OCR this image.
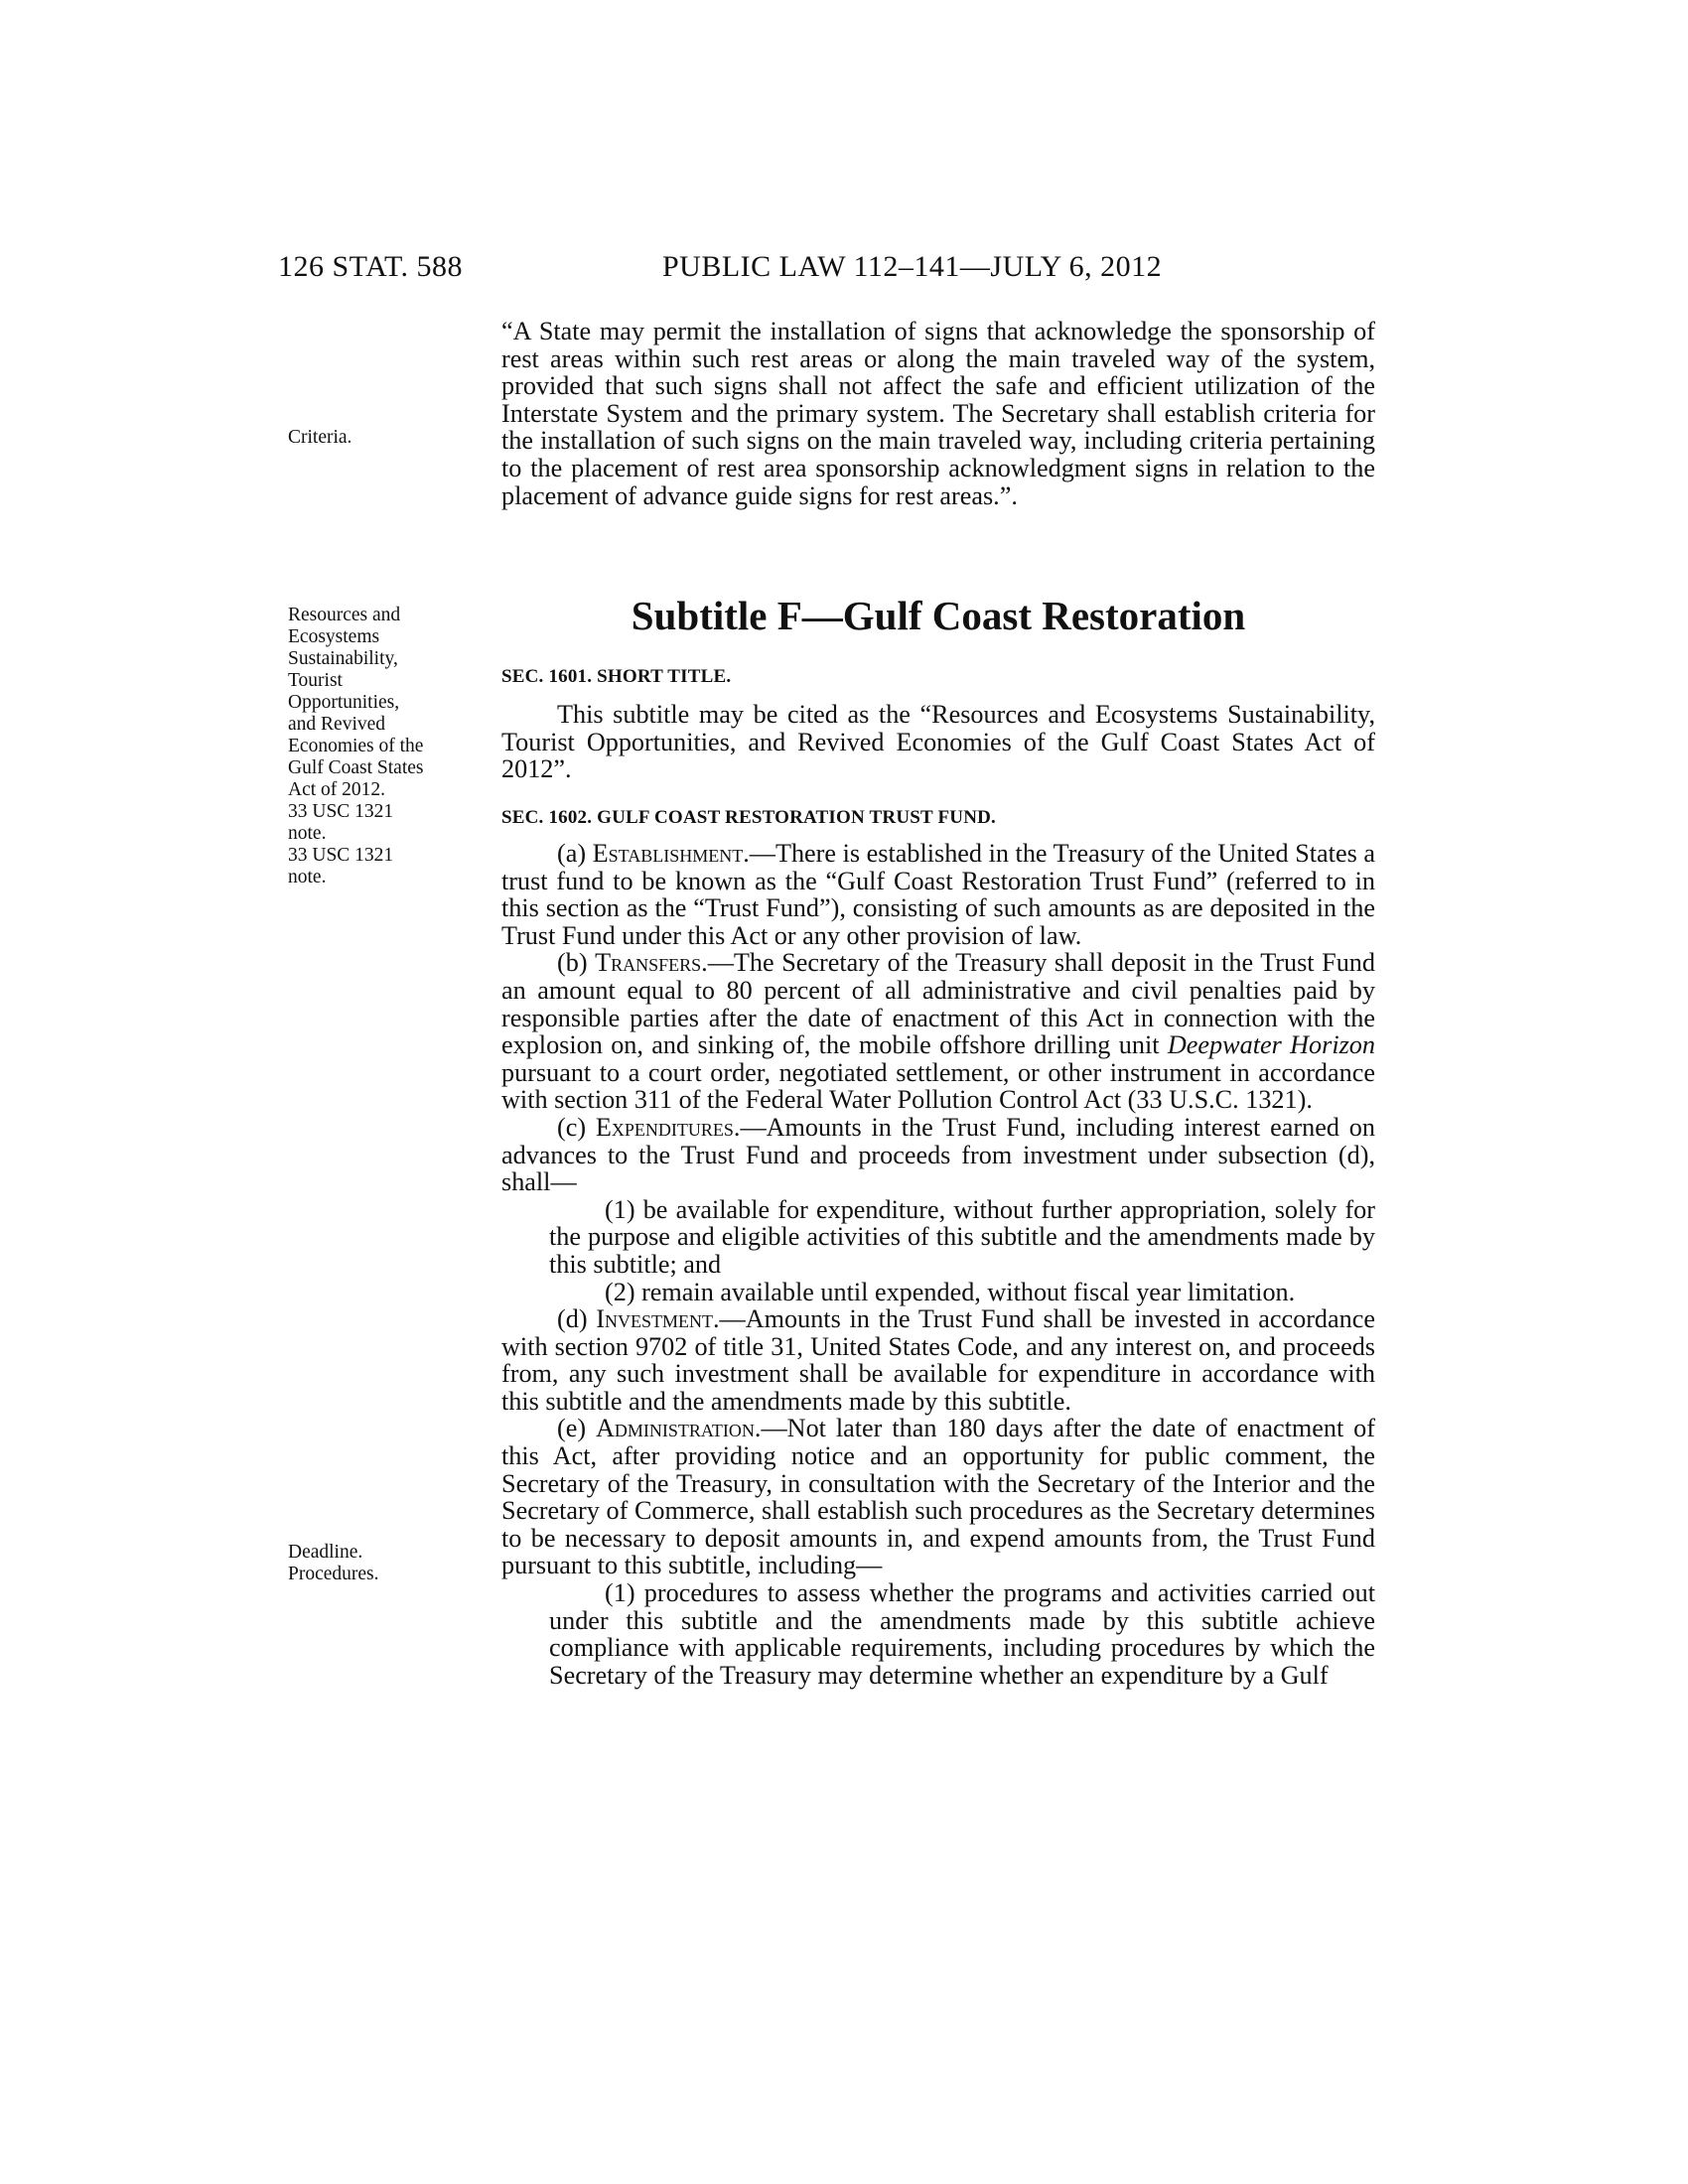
126 STAT. 588	PUBLIC LAW 112–141—JULY 6, 2012
Criteria.
Resources and
Ecosystems
Sustainability,
Tourist
Opportunities,
and Revived
Economies of the
Gulf Coast States
Act of 2012.
33 USC 1321
note.
33 USC 1321
note.
Deadline.
Procedures.

“A State may permit the installation of signs that acknowledge the sponsorship of rest areas within such rest areas or along the main traveled way of the system, provided that such signs shall not affect the safe and efficient utilization of the Interstate System and the primary system. The Secretary shall establish criteria for the installation of such signs on the main traveled way, including criteria pertaining to the placement of rest area sponsorship acknowledgment signs in relation to the placement of advance guide signs for rest areas.”.

Subtitle F—Gulf Coast Restoration
SEC. 1601. SHORT TITLE.

This subtitle may be cited as the “Resources and Ecosystems Sustainability, Tourist Opportunities, and Revived Economies of the Gulf Coast States Act of 2012”.

SEC. 1602. GULF COAST RESTORATION TRUST FUND.

(a) Establishment.—There is established in the Treasury of the United States a trust fund to be known as the “Gulf Coast Restoration Trust Fund” (referred to in this section as the “Trust Fund”), consisting of such amounts as are deposited in the Trust Fund under this Act or any other provision of law.

(b) Transfers.—The Secretary of the Treasury shall deposit in the Trust Fund an amount equal to 80 percent of all administrative and civil penalties paid by responsible parties after the date of enactment of this Act in connection with the explosion on, and sinking of, the mobile offshore drilling unit Deepwater Horizon pursuant to a court order, negotiated settlement, or other instrument in accordance with section 311 of the Federal Water Pollution Control Act (33 U.S.C. 1321).

(c) Expenditures.—Amounts in the Trust Fund, including interest earned on advances to the Trust Fund and proceeds from investment under subsection (d), shall—

(1) be available for expenditure, without further appropriation, solely for the purpose and eligible activities of this subtitle and the amendments made by this subtitle; and

(2) remain available until expended, without fiscal year limitation.

(d) Investment.—Amounts in the Trust Fund shall be invested in accordance with section 9702 of title 31, United States Code, and any interest on, and proceeds from, any such investment shall be available for expenditure in accordance with this subtitle and the amendments made by this subtitle.

(e) Administration.—Not later than 180 days after the date of enactment of this Act, after providing notice and an opportunity for public comment, the Secretary of the Treasury, in consultation with the Secretary of the Interior and the Secretary of Commerce, shall establish such procedures as the Secretary determines to be necessary to deposit amounts in, and expend amounts from, the Trust Fund pursuant to this subtitle, including—

(1) procedures to assess whether the programs and activities carried out under this subtitle and the amendments made by this subtitle achieve compliance with applicable requirements, including procedures by which the Secretary of the Treasury may determine whether an expenditure by a Gulf
